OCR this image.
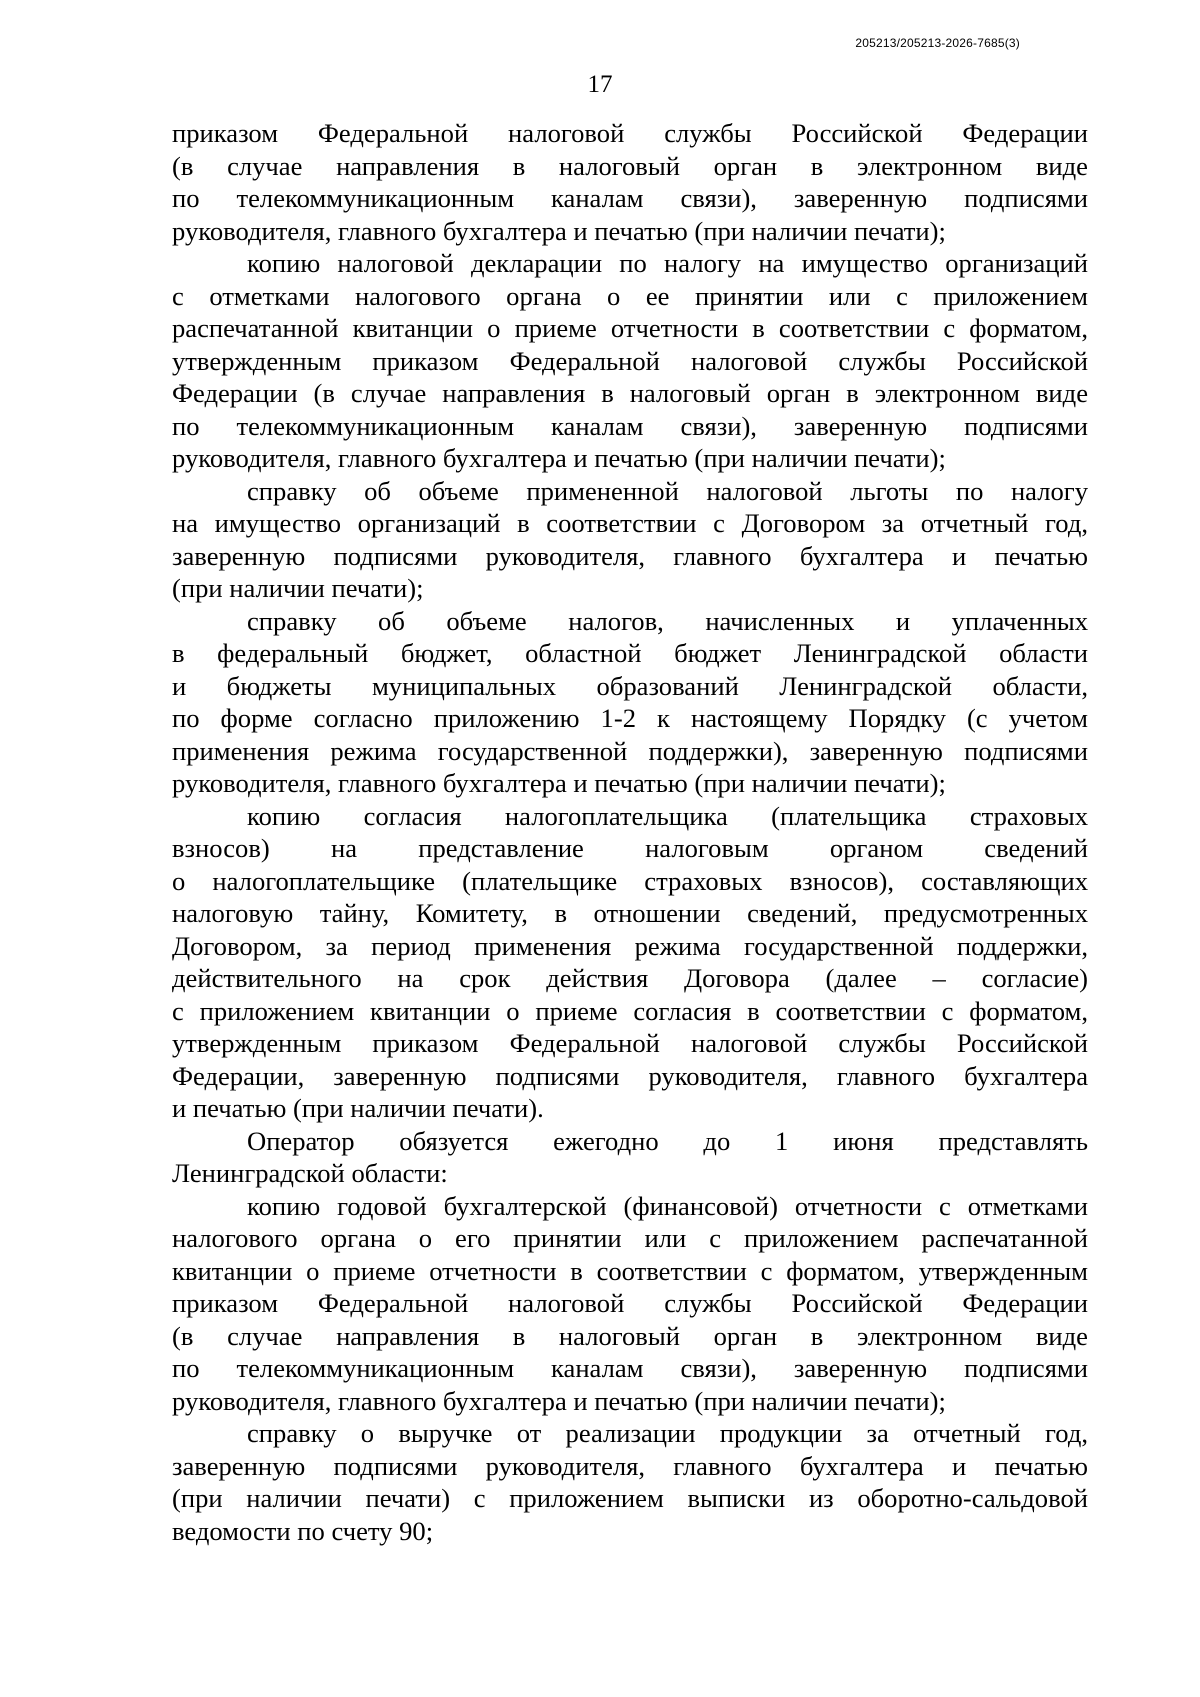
205213/205213-2026-7685(3)
17

приказом Федеральной налоговой службы Российской Федерации

(в случае направления в налоговый орган в электронном виде

по телекоммуникационным каналам связи), заверенную подписями

руководителя, главного бухгалтера и печатью (при наличии печати);

копию налоговой декларации по налогу на имущество организаций

с отметками налогового органа о ее принятии или с приложением

распечатанной квитанции о приеме отчетности в соответствии с форматом,

утвержденным приказом Федеральной налоговой службы Российской

Федерации (в случае направления в налоговый орган в электронном виде

по телекоммуникационным каналам связи), заверенную подписями

руководителя, главного бухгалтера и печатью (при наличии печати);

справку об объеме примененной налоговой льготы по налогу

на имущество организаций в соответствии с Договором за отчетный год,

заверенную подписями руководителя, главного бухгалтера и печатью

(при наличии печати);

справку об объеме налогов, начисленных и уплаченных

в федеральный бюджет, областной бюджет Ленинградской области

и бюджеты муниципальных образований Ленинградской области,

по форме согласно приложению 1-2 к настоящему Порядку (с учетом

применения режима государственной поддержки), заверенную подписями

руководителя, главного бухгалтера и печатью (при наличии печати);

копию согласия налогоплательщика (плательщика страховых

взносов) на представление налоговым органом сведений

о налогоплательщике (плательщике страховых взносов), составляющих

налоговую тайну, Комитету, в отношении сведений, предусмотренных

Договором, за период применения режима государственной поддержки,

действительного на срок действия Договора (далее – согласие)

с приложением квитанции о приеме согласия в соответствии с форматом,

утвержденным приказом Федеральной налоговой службы Российской

Федерации, заверенную подписями руководителя, главного бухгалтера

и печатью (при наличии печати).

Оператор обязуется ежегодно до 1 июня представлять

Ленинградской области:

копию годовой бухгалтерской (финансовой) отчетности с отметками

налогового органа о его принятии или с приложением распечатанной

квитанции о приеме отчетности в соответствии с форматом, утвержденным

приказом Федеральной налоговой службы Российской Федерации

(в случае направления в налоговый орган в электронном виде

по телекоммуникационным каналам связи), заверенную подписями

руководителя, главного бухгалтера и печатью (при наличии печати);

справку о выручке от реализации продукции за отчетный год,

заверенную подписями руководителя, главного бухгалтера и печатью

(при наличии печати) с приложением выписки из оборотно-сальдовой

ведомости по счету 90;
